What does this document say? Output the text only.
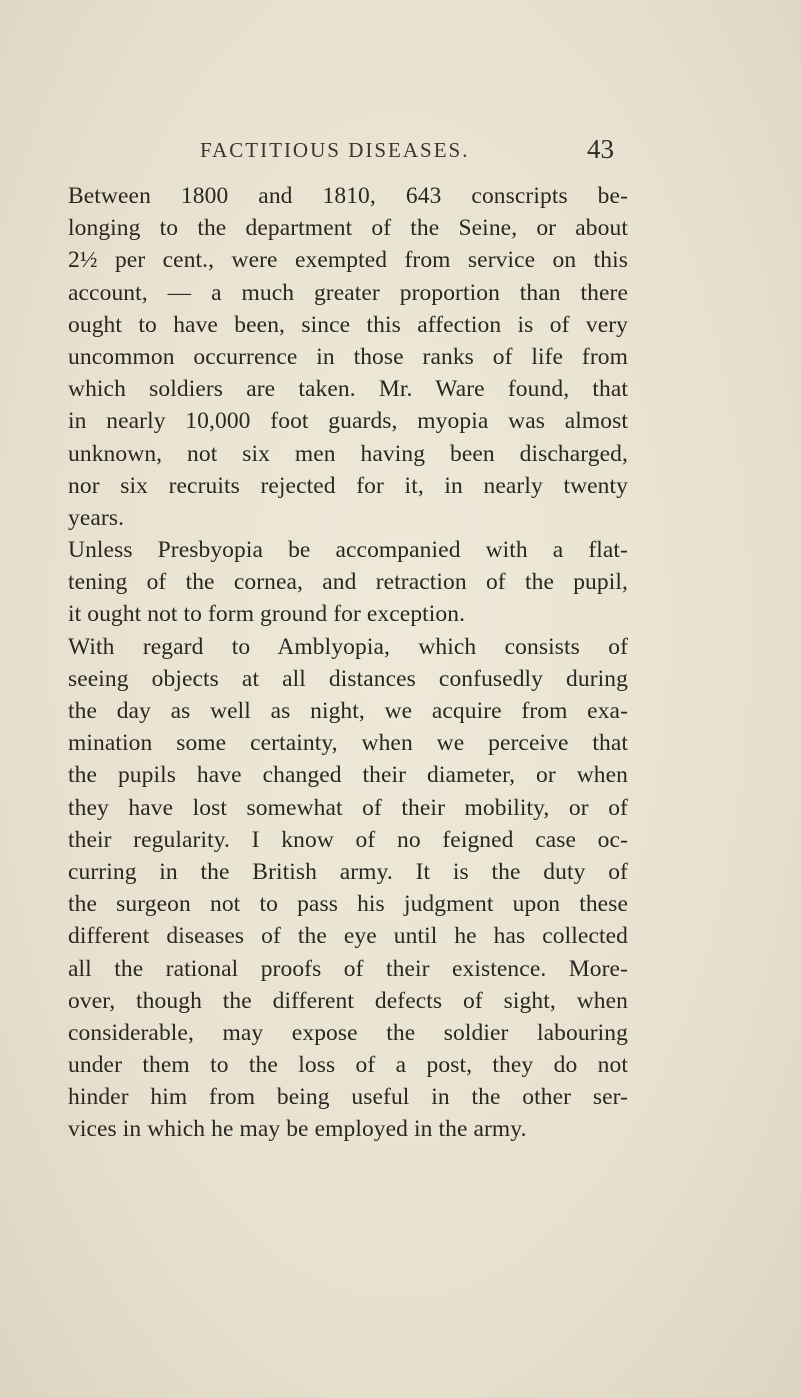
FACTITIOUS DISEASES.	43
Between 1800 and 1810, 643 conscripts be-
longing to the department of the Seine, or about
2½ per cent., were exempted from service on this
account, — a much greater proportion than there
ought to have been, since this affection is of very
uncommon occurrence in those ranks of life from
which soldiers are taken. Mr. Ware found, that
in nearly 10,000 foot guards, myopia was almost
unknown, not six men having been discharged,
nor six recruits rejected for it, in nearly twenty
years.
Unless Presbyopia be accompanied with a flat-
tening of the cornea, and retraction of the pupil,
it ought not to form ground for exception.
With regard to Amblyopia, which consists of
seeing objects at all distances confusedly during
the day as well as night, we acquire from exa-
mination some certainty, when we perceive that
the pupils have changed their diameter, or when
they have lost somewhat of their mobility, or of
their regularity. I know of no feigned case oc-
curring in the British army. It is the duty of
the surgeon not to pass his judgment upon these
different diseases of the eye until he has collected
all the rational proofs of their existence. More-
over, though the different defects of sight, when
considerable, may expose the soldier labouring
under them to the loss of a post, they do not
hinder him from being useful in the other ser-
vices in which he may be employed in the army.
